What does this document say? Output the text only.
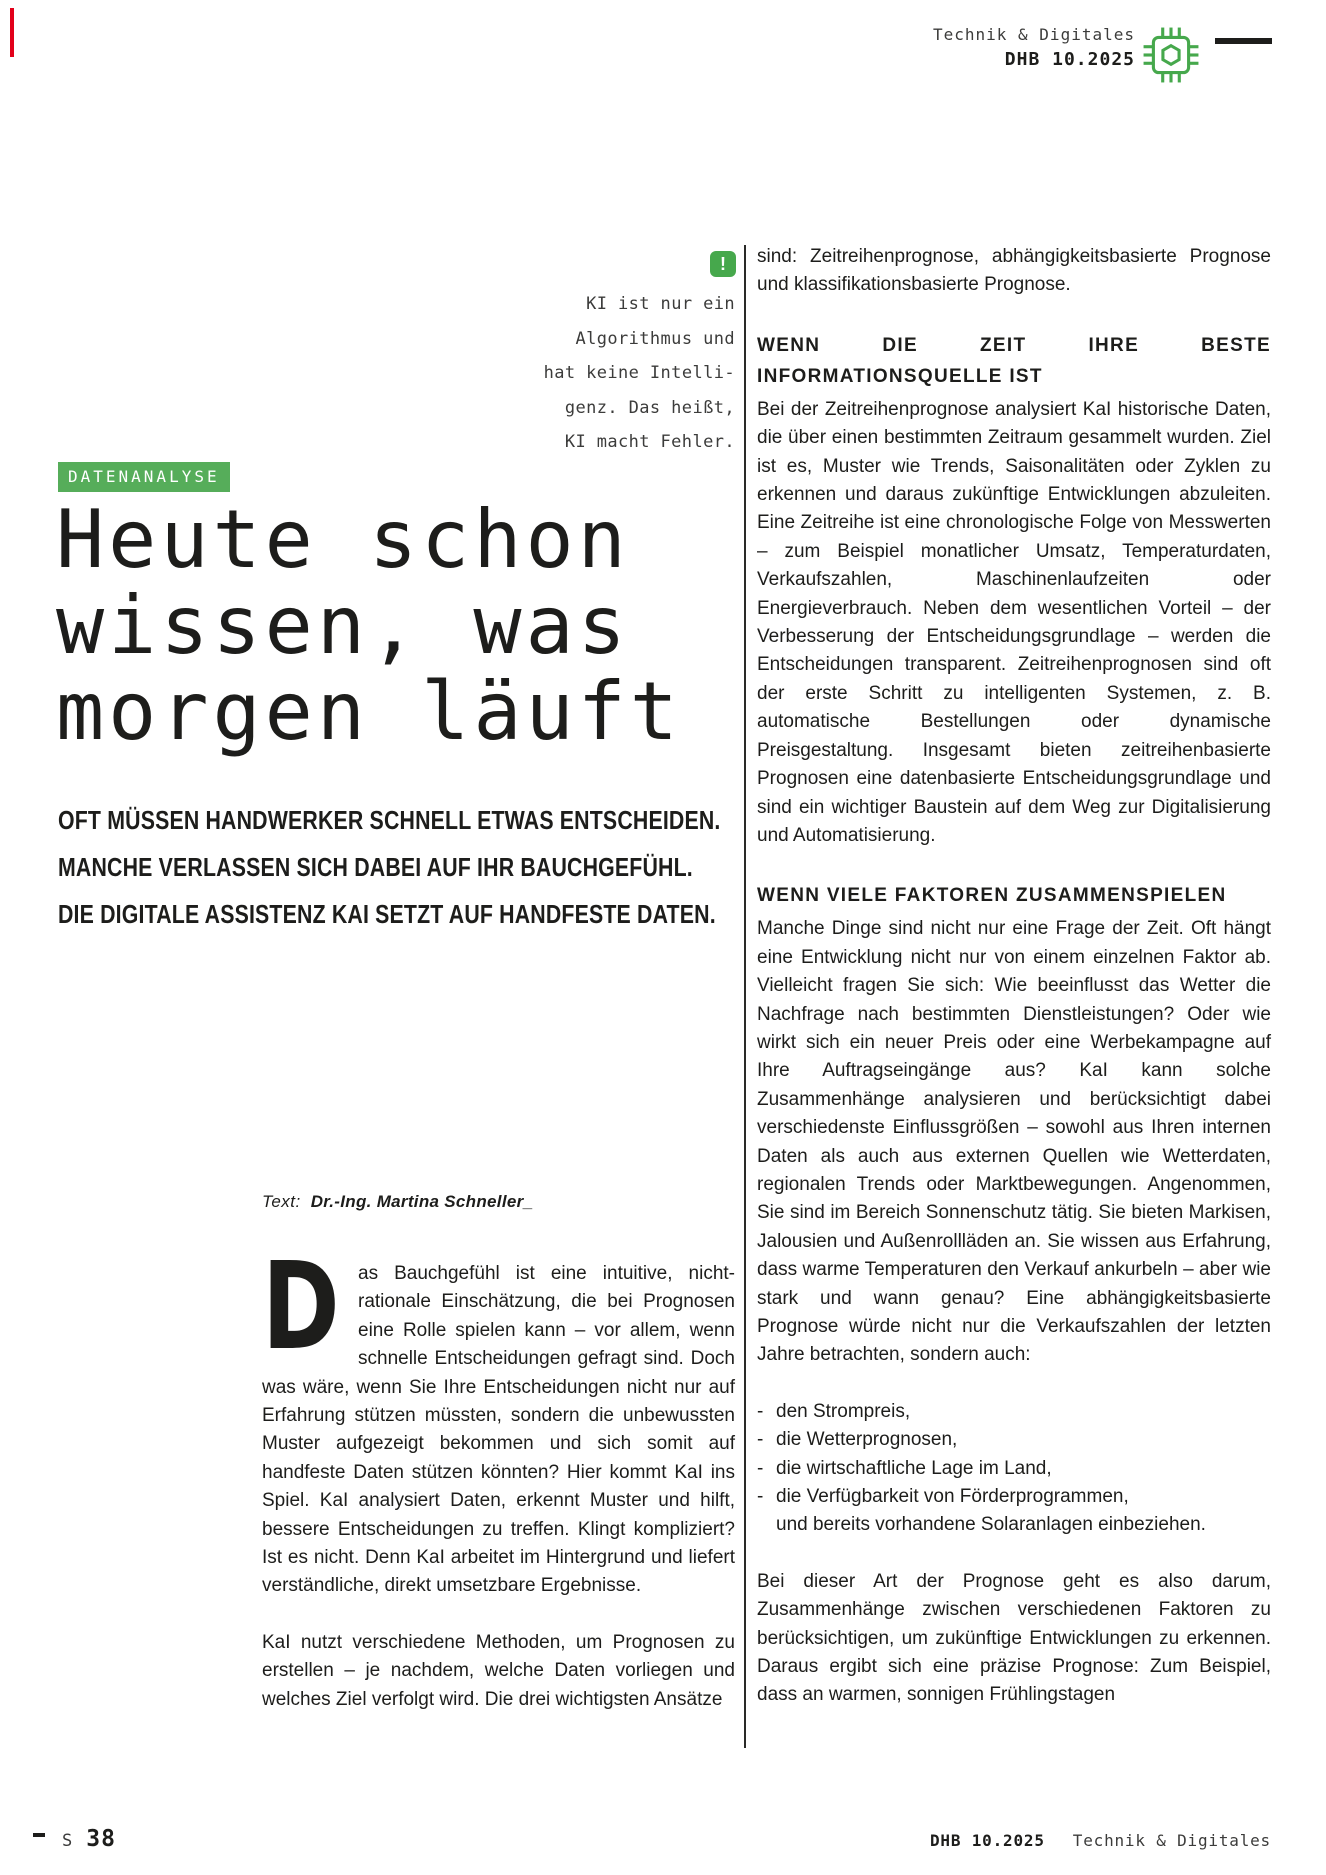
Technik & Digitales
DHB 10.2025
!
KI ist nur ein
Algorithmus und
hat keine Intelli-
genz. Das heißt,
KI macht Fehler.
DATENANALYSE
Heute schon
wissen, was
morgen läuft
OFT MÜSSEN HANDWERKER SCHNELL ETWAS ENTSCHEIDEN.
MANCHE VERLASSEN SICH DABEI AUF IHR BAUCHGEFÜHL.
DIE DIGITALE ASSISTENZ KAI SETZT AUF HANDFESTE DATEN.
Text: Dr.-Ing. Martina Schneller_
D as Bauchgefühl ist eine intuitive, nicht-rationale Einschätzung, die bei Prognosen eine Rolle spielen kann – vor allem, wenn schnelle Entscheidungen gefragt sind. Doch was wäre, wenn Sie Ihre Entscheidungen nicht nur auf Erfahrung stützen müssten, sondern die unbewussten Muster aufgezeigt bekommen und sich somit auf handfeste Daten stützen könnten? Hier kommt KaI ins Spiel. KaI analysiert Daten, erkennt Muster und hilft, bessere Entscheidungen zu treffen. Klingt kompliziert? Ist es nicht. Denn KaI arbeitet im Hintergrund und liefert verständliche, direkt umsetzbare Ergebnisse.

KaI nutzt verschiedene Methoden, um Prognosen zu erstellen – je nachdem, welche Daten vorliegen und welches Ziel verfolgt wird. Die drei wichtigsten Ansätze

sind: Zeitreihenprognose, abhängigkeitsbasierte Prognose und klassifikationsbasierte Prognose.

WENN DIE ZEIT IHRE BESTE INFORMATIONSQUELLE IST

Bei der Zeitreihenprognose analysiert KaI historische Daten, die über einen bestimmten Zeitraum gesammelt wurden. Ziel ist es, Muster wie Trends, Saisonalitäten oder Zyklen zu erkennen und daraus zukünftige Entwicklungen abzuleiten. Eine Zeitreihe ist eine chronologische Folge von Messwerten – zum Beispiel monatlicher Umsatz, Temperaturdaten, Verkaufszahlen, Maschinenlaufzeiten oder Energieverbrauch. Neben dem wesentlichen Vorteil – der Verbesserung der Entscheidungsgrundlage – werden die Entscheidungen transparent. Zeitreihenprognosen sind oft der erste Schritt zu intelligenten Systemen, z. B. automatische Bestellungen oder dynamische Preisgestaltung. Insgesamt bieten zeitreihenbasierte Prognosen eine datenbasierte Entscheidungsgrundlage und sind ein wichtiger Baustein auf dem Weg zur Digitalisierung und Automatisierung.

WENN VIELE FAKTOREN ZUSAMMENSPIELEN

Manche Dinge sind nicht nur eine Frage der Zeit. Oft hängt eine Entwicklung nicht nur von einem einzelnen Faktor ab. Vielleicht fragen Sie sich: Wie beeinflusst das Wetter die Nachfrage nach bestimmten Dienstleistungen? Oder wie wirkt sich ein neuer Preis oder eine Werbekampagne auf Ihre Auftragseingänge aus? KaI kann solche Zusammenhänge analysieren und berücksichtigt dabei verschiedenste Einflussgrößen – sowohl aus Ihren internen Daten als auch aus externen Quellen wie Wetterdaten, regionalen Trends oder Marktbewegungen. Angenommen, Sie sind im Bereich Sonnenschutz tätig. Sie bieten Markisen, Jalousien und Außenrollläden an. Sie wissen aus Erfahrung, dass warme Temperaturen den Verkauf ankurbeln – aber wie stark und wann genau? Eine abhängigkeitsbasierte Prognose würde nicht nur die Verkaufszahlen der letzten Jahre betrachten, sondern auch:

- den Strompreis,
- die Wetterprognosen,
- die wirtschaftliche Lage im Land,
- die Verfügbarkeit von Förderprogrammen,
und bereits vorhandene Solaranlagen einbeziehen.

Bei dieser Art der Prognose geht es also darum, Zusammenhänge zwischen verschiedenen Faktoren zu berücksichtigen, um zukünftige Entwicklungen zu erkennen. Daraus ergibt sich eine präzise Prognose: Zum Beispiel, dass an warmen, sonnigen Frühlingstagen

S 38	DHB 10.2025 Technik & Digitales
